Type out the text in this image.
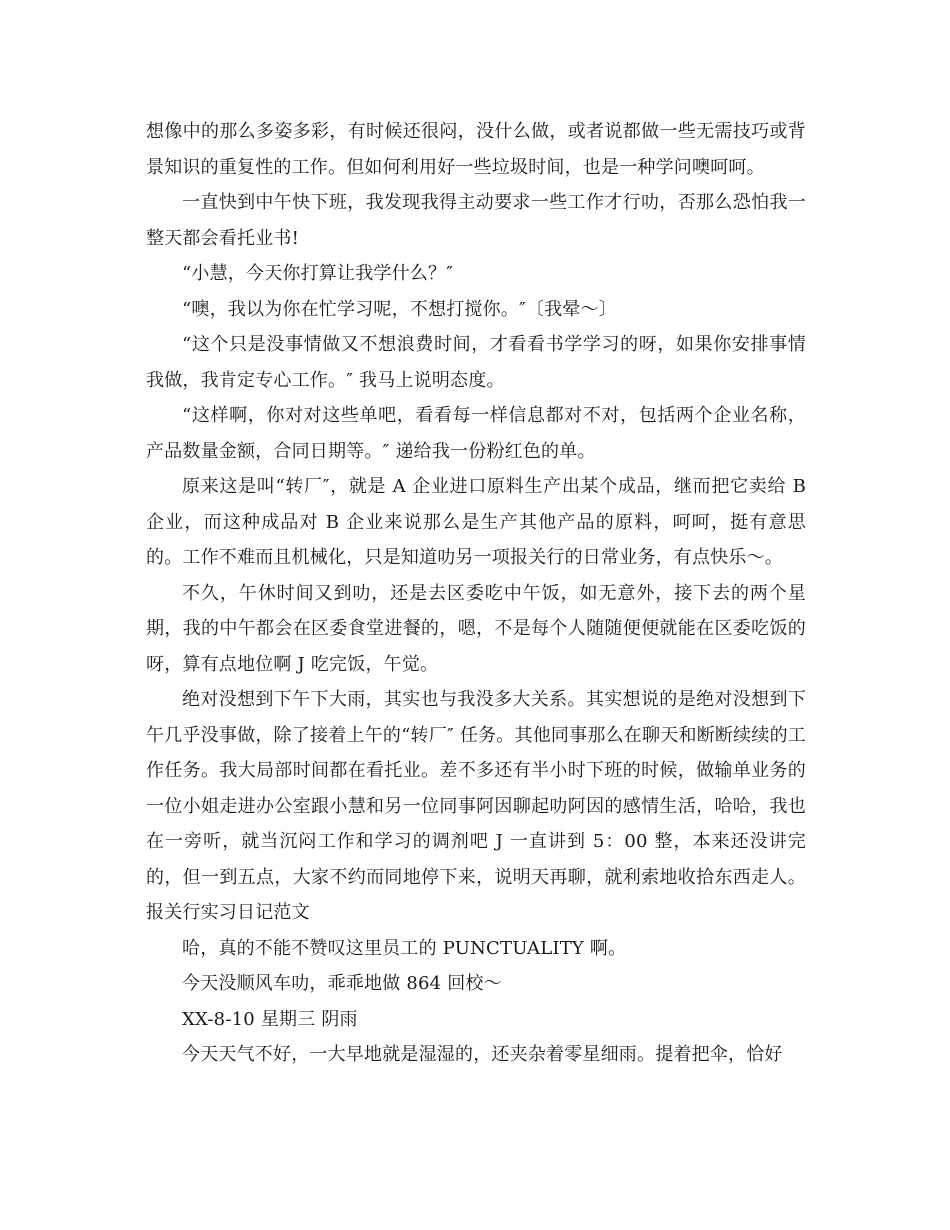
想像中的那么多姿多彩，有时候还很闷，没什么做，或者说都做一些无需技巧或背景知识的重复性的工作。但如何利用好一些垃圾时间，也是一种学问噢呵呵。

一直快到中午快下班，我发现我得主动要求一些工作才行叻，否那么恐怕我一整天都会看托业书!

“小慧，今天你打算让我学什么？″

“噢，我以为你在忙学习呢，不想打搅你。″〔我晕～〕

“这个只是没事情做又不想浪费时间，才看看书学学习的呀，如果你安排事情我做，我肯定专心工作。″ 我马上说明态度。

“这样啊，你对对这些单吧，看看每一样信息都对不对，包括两个企业名称，产品数量金额，合同日期等。″ 递给我一份粉红色的单。

原来这是叫“转厂″，就是 A 企业进口原料生产出某个成品，继而把它卖给 B 企业，而这种成品对 B 企业来说那么是生产其他产品的原料，呵呵，挺有意思的。工作不难而且机械化，只是知道叻另一项报关行的日常业务，有点快乐～。

不久，午休时间又到叻，还是去区委吃中午饭，如无意外，接下去的两个星期，我的中午都会在区委食堂进餐的，嗯，不是每个人随随便便就能在区委吃饭的呀，算有点地位啊 J 吃完饭，午觉。

绝对没想到下午下大雨，其实也与我没多大关系。其实想说的是绝对没想到下午几乎没事做，除了接着上午的“转厂″ 任务。其他同事那么在聊天和断断续续的工作任务。我大局部时间都在看托业。差不多还有半小时下班的时候，做输单业务的一位小姐走进办公室跟小慧和另一位同事阿因聊起叻阿因的感情生活，哈哈，我也在一旁听，就当沉闷工作和学习的调剂吧 J 一直讲到 5：00 整，本来还没讲完的，但一到五点，大家不约而同地停下来，说明天再聊，就利索地收拾东西走人。 报关行实习日记范文

哈，真的不能不赞叹这里员工的 PUNCTUALITY 啊。

今天没顺风车叻，乖乖地做 864 回校～

XX-8-10 星期三 阴雨

今天天气不好，一大早地就是湿湿的，还夹杂着零星细雨。提着把伞，恰好
